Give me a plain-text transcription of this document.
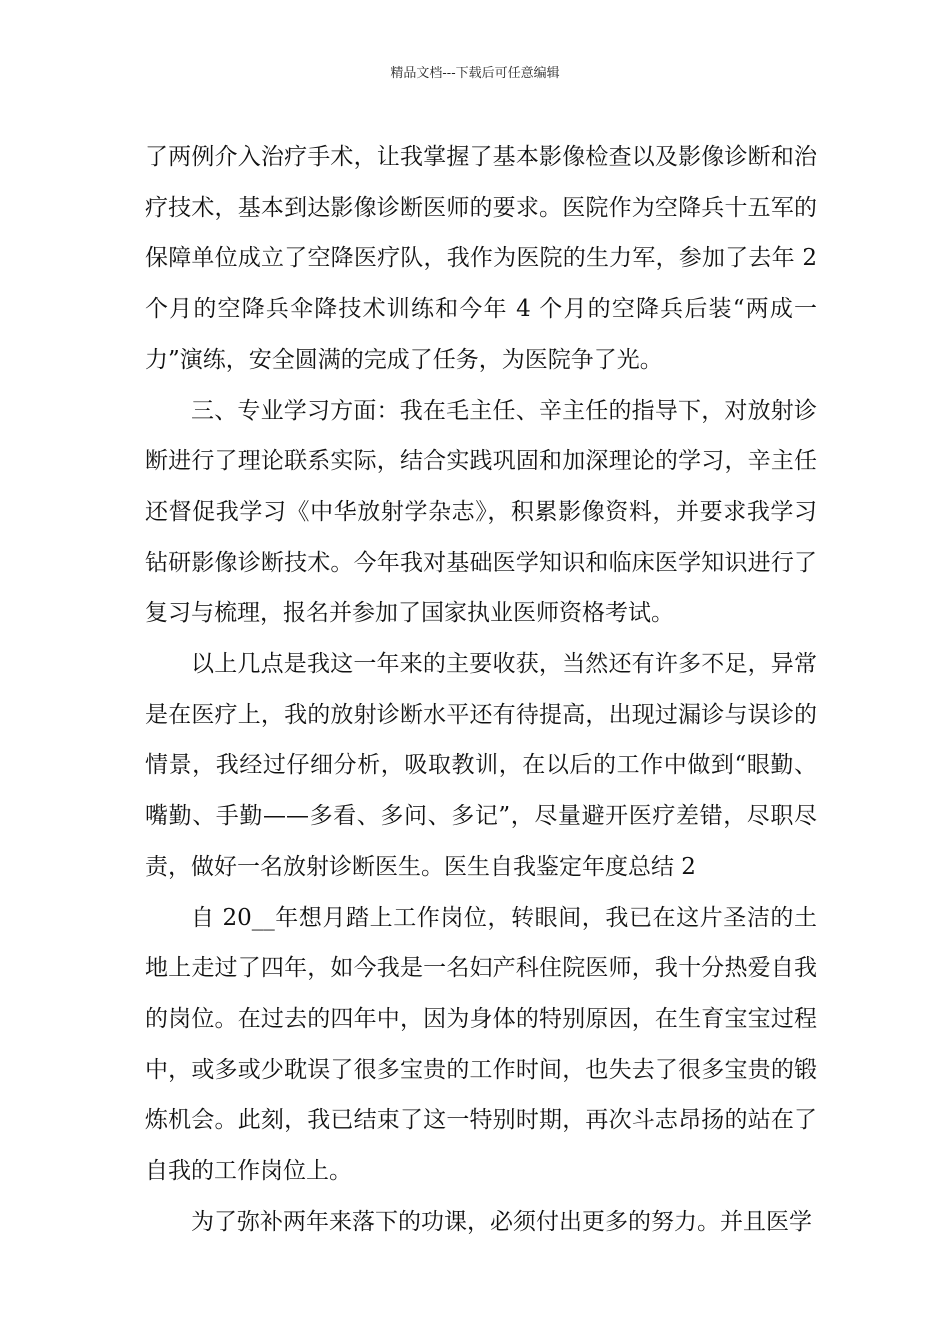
精品文档---下载后可任意编辑

了两例介入治疗手术，让我掌握了基本影像检查以及影像诊断和治疗技术，基本到达影像诊断医师的要求。医院作为空降兵十五军的保障单位成立了空降医疗队，我作为医院的生力军，参加了去年 2 个月的空降兵伞降技术训练和今年 4 个月的空降兵后装“两成一力”演练，安全圆满的完成了任务，为医院争了光。

三、专业学习方面：我在毛主任、辛主任的指导下，对放射诊断进行了理论联系实际，结合实践巩固和加深理论的学习，辛主任还督促我学习《中华放射学杂志》，积累影像资料，并要求我学习钻研影像诊断技术。今年我对基础医学知识和临床医学知识进行了复习与梳理，报名并参加了国家执业医师资格考试。

以上几点是我这一年来的主要收获，当然还有许多不足，异常是在医疗上，我的放射诊断水平还有待提高，出现过漏诊与误诊的情景，我经过仔细分析，吸取教训，在以后的工作中做到“眼勤、嘴勤、手勤——多看、多问、多记”，尽量避开医疗差错，尽职尽责，做好一名放射诊断医生。医生自我鉴定年度总结 2

自 20__年想月踏上工作岗位，转眼间，我已在这片圣洁的土地上走过了四年，如今我是一名妇产科住院医师，我十分热爱自我的岗位。在过去的四年中，因为身体的特别原因，在生育宝宝过程中，或多或少耽误了很多宝贵的工作时间，也失去了很多宝贵的锻炼机会。此刻，我已结束了这一特别时期，再次斗志昂扬的站在了自我的工作岗位上。

为了弥补两年来落下的功课，必须付出更多的努力。并且医学
